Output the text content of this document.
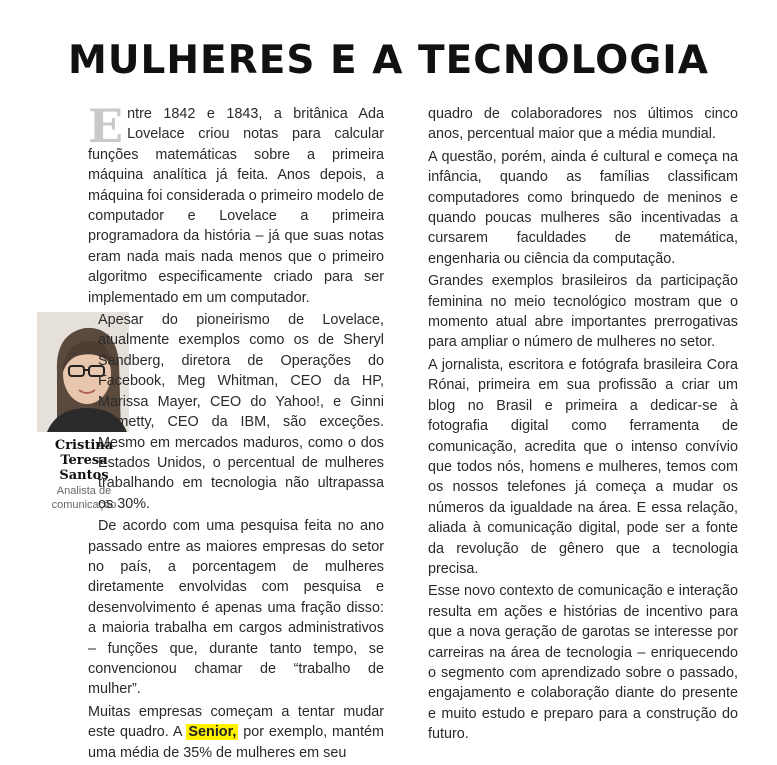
MULHERES E A TECNOLOGIA
Cristina
Teresa
Santos
Analista de
comunicação

Entre 1842 e 1843, a britânica Ada Lovelace criou notas para calcular funções matemáticas sobre a primeira máquina analítica já feita. Anos depois, a máquina foi considerada o primeiro modelo de computador e Lovelace a primeira programadora da história – já que suas notas eram nada mais nada menos que o primeiro algoritmo especificamente criado para ser implementado em um computador.

Apesar do pioneirismo de Lovelace, atualmente exemplos como os de Sheryl Sandberg, diretora de Operações do Facebook, Meg Whitman, CEO da HP, Marissa Mayer, CEO do Yahoo!, e Ginni Rometty, CEO da IBM, são exceções. Mesmo em mercados maduros, como o dos Estados Unidos, o percentual de mulheres trabalhando em tecnologia não ultrapassa os 30%.

De acordo com uma pesquisa feita no ano passado entre as maiores empresas do setor no país, a porcentagem de mulheres diretamente envolvidas com pesquisa e desenvolvimento é apenas uma fração disso: a maioria trabalha em cargos administrativos – funções que, durante tanto tempo, se convencionou chamar de “trabalho de mulher”.

Muitas empresas começam a tentar mudar este quadro. A Senior, por exemplo, mantém uma média de 35% de mulheres em seu

quadro de colaboradores nos últimos cinco anos, percentual maior que a média mundial.

A questão, porém, ainda é cultural e começa na infância, quando as famílias classificam computadores como brinquedo de meninos e quando poucas mulheres são incentivadas a cursarem faculdades de matemática, engenharia ou ciência da computação.

Grandes exemplos brasileiros da participação feminina no meio tecnológico mostram que o momento atual abre importantes prerrogativas para ampliar o número de mulheres no setor.

A jornalista, escritora e fotógrafa brasileira Cora Rónai, primeira em sua profissão a criar um blog no Brasil e primeira a dedicar-se à fotografia digital como ferramenta de comunicação, acredita que o intenso convívio que todos nós, homens e mulheres, temos com os nossos telefones já começa a mudar os números da igualdade na área. E essa relação, aliada à comunicação digital, pode ser a fonte da revolução de gênero que a tecnologia precisa.

Esse novo contexto de comunicação e interação resulta em ações e histórias de incentivo para que a nova geração de garotas se interesse por carreiras na área de tecnologia – enriquecendo o segmento com aprendizado sobre o passado, engajamento e colaboração diante do presente e muito estudo e preparo para a construção do futuro.
